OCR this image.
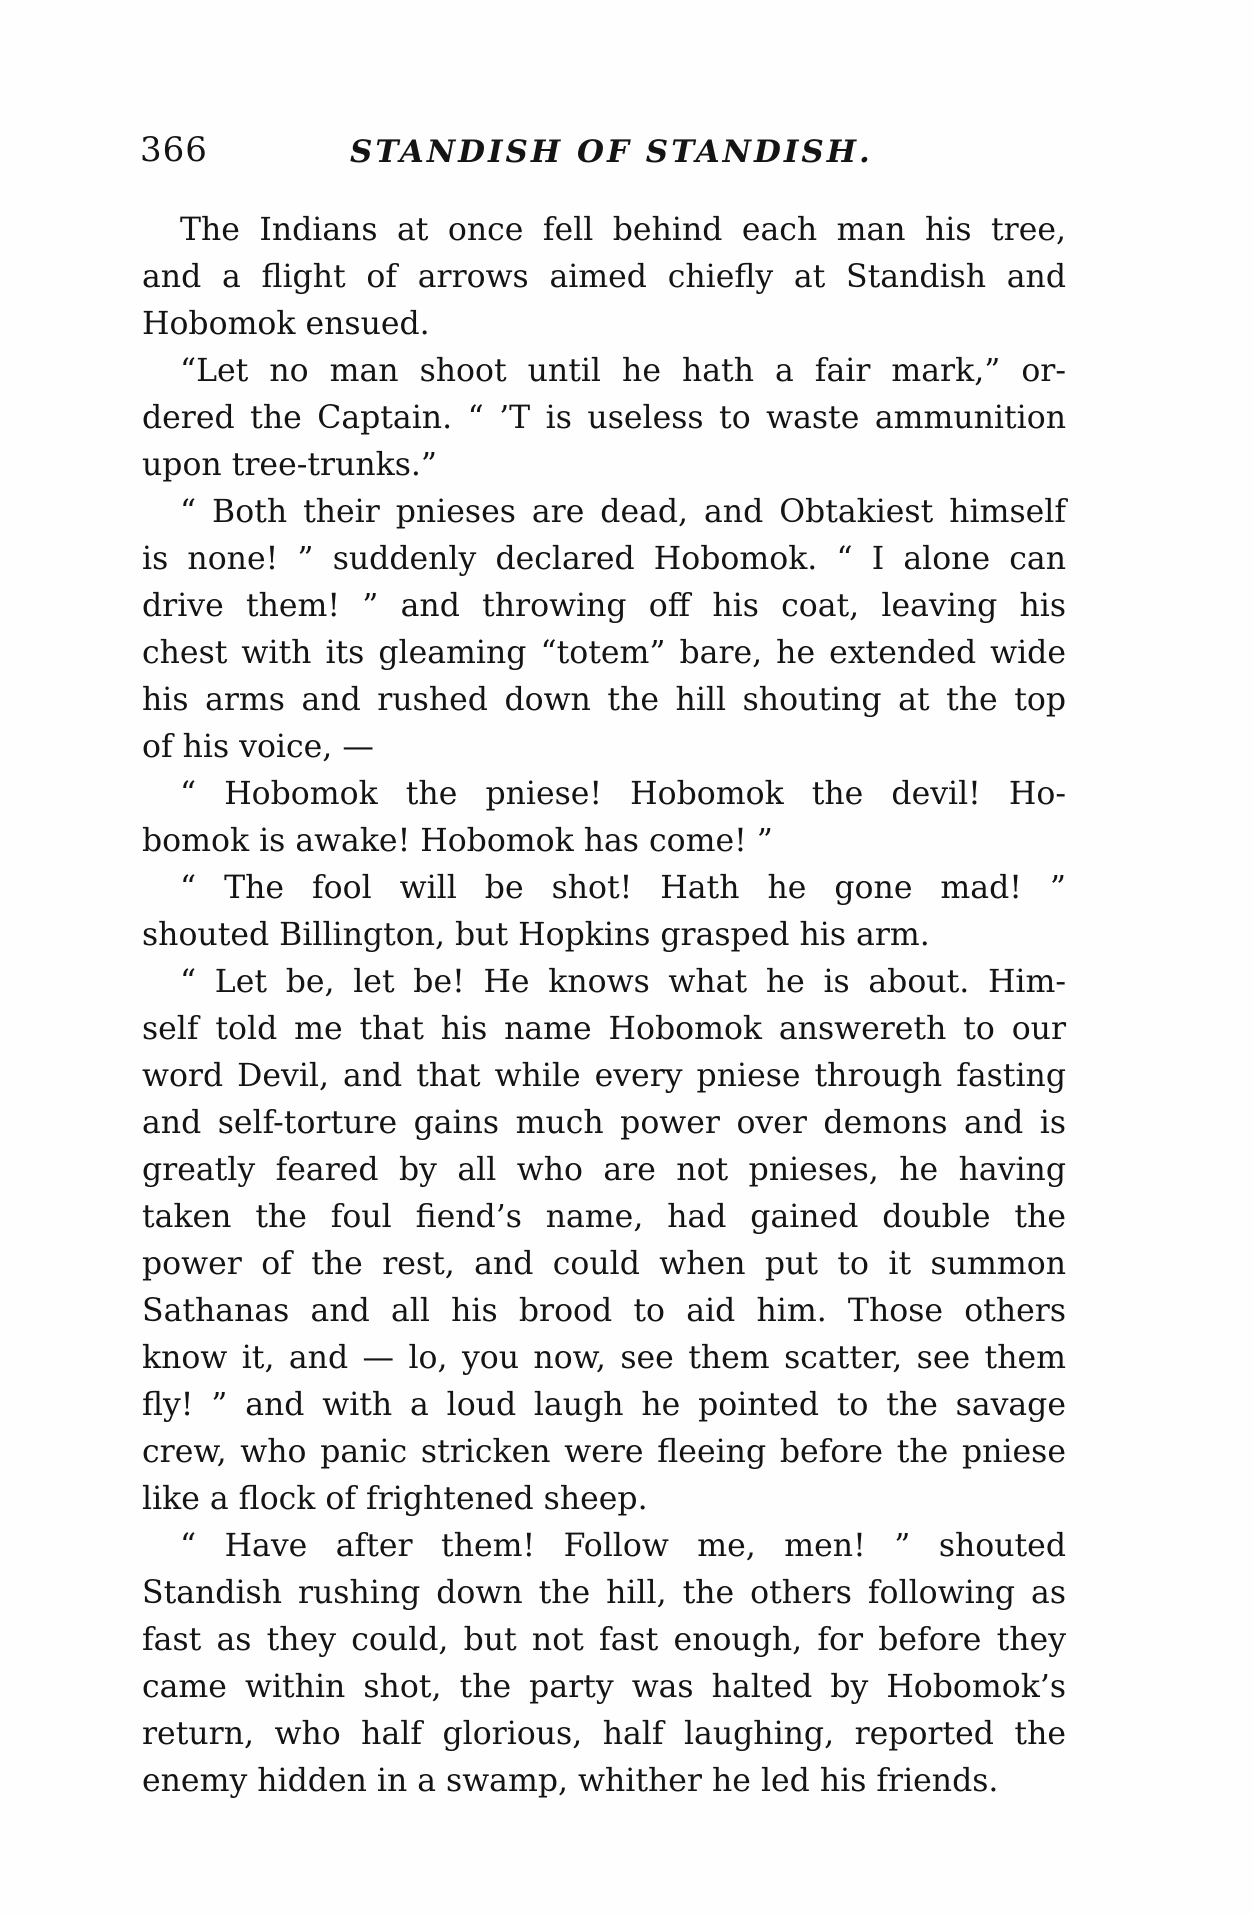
366	STANDISH OF STANDISH.
The Indians at once fell behind each man his tree,
and a flight of arrows aimed chiefly at Standish and
Hobomok ensued.
“Let no man shoot until he hath a fair mark,” or-
dered the Captain. “ ’T is useless to waste ammunition
upon tree-trunks.”
“ Both their pnieses are dead, and Obtakiest himself
is none! ” suddenly declared Hobomok. “ I alone can
drive them! ” and throwing off his coat, leaving his
chest with its gleaming “totem” bare, he extended wide
his arms and rushed down the hill shouting at the top
of his voice, —
“ Hobomok the pniese! Hobomok the devil! Ho-
bomok is awake! Hobomok has come! ”
“ The fool will be shot! Hath he gone mad! ”
shouted Billington, but Hopkins grasped his arm.
“ Let be, let be! He knows what he is about. Him-
self told me that his name Hobomok answereth to our
word Devil, and that while every pniese through fasting
and self-torture gains much power over demons and is
greatly feared by all who are not pnieses, he having
taken the foul fiend’s name, had gained double the
power of the rest, and could when put to it summon
Sathanas and all his brood to aid him. Those others
know it, and — lo, you now, see them scatter, see them
fly! ” and with a loud laugh he pointed to the savage
crew, who panic stricken were fleeing before the pniese
like a flock of frightened sheep.
“ Have after them! Follow me, men! ” shouted
Standish rushing down the hill, the others following as
fast as they could, but not fast enough, for before they
came within shot, the party was halted by Hobomok’s
return, who half glorious, half laughing, reported the
enemy hidden in a swamp, whither he led his friends.
